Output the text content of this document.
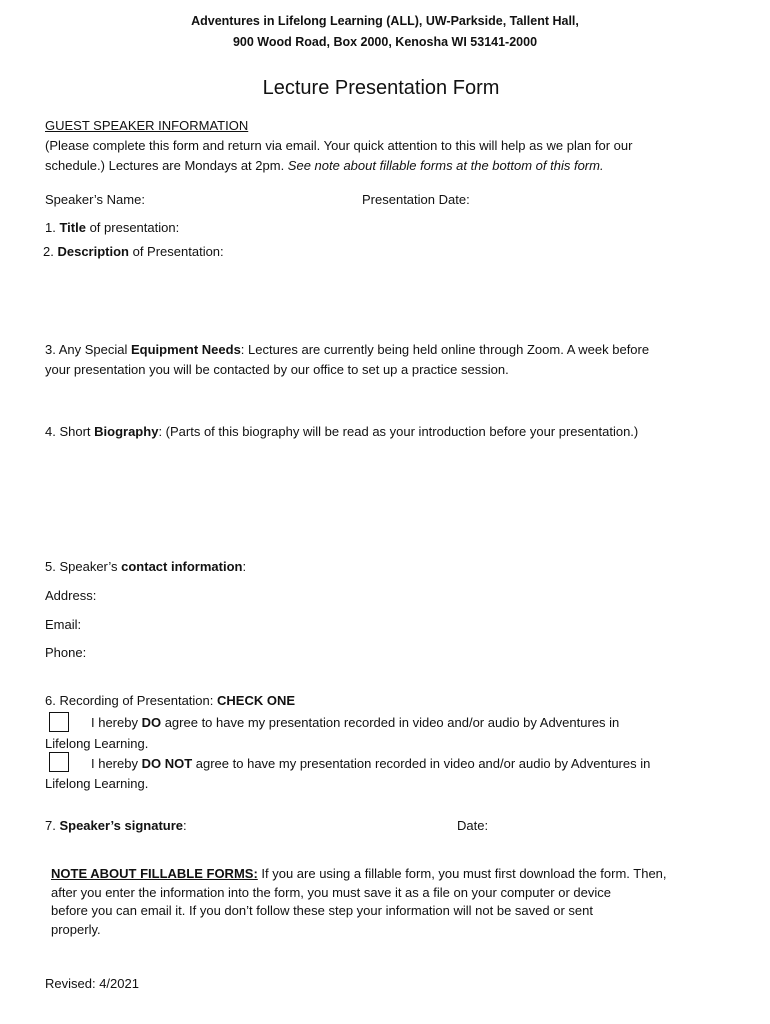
Adventures in Lifelong Learning (ALL), UW-Parkside, Tallent Hall,
900 Wood Road, Box 2000, Kenosha WI 53141-2000
Lecture Presentation Form
GUEST SPEAKER INFORMATION
(Please complete this form and return via email. Your quick attention to this will help as we plan for our
schedule.) Lectures are Mondays at 2pm. See note about fillable forms at the bottom of this form.
Speaker’s Name:	Presentation Date:
1. Title of presentation:
2. Description of Presentation:
3. Any Special Equipment Needs: Lectures are currently being held online through Zoom. A week before
your presentation you will be contacted by our office to set up a practice session.
4. Short Biography: (Parts of this biography will be read as your introduction before your presentation.)
5. Speaker’s contact information:
Address:
Email:
Phone:
6. Recording of Presentation: CHECK ONE
I hereby DO agree to have my presentation recorded in video and/or audio by Adventures in
Lifelong Learning.
I hereby DO NOT agree to have my presentation recorded in video and/or audio by Adventures in
Lifelong Learning.
7. Speaker’s signature:	Date:
NOTE ABOUT FILLABLE FORMS: If you are using a fillable form, you must first download the form. Then,
after you enter the information into the form, you must save it as a file on your computer or device
before you can email it. If you don’t follow these step your information will not be saved or sent
properly.
Revised: 4/2021
